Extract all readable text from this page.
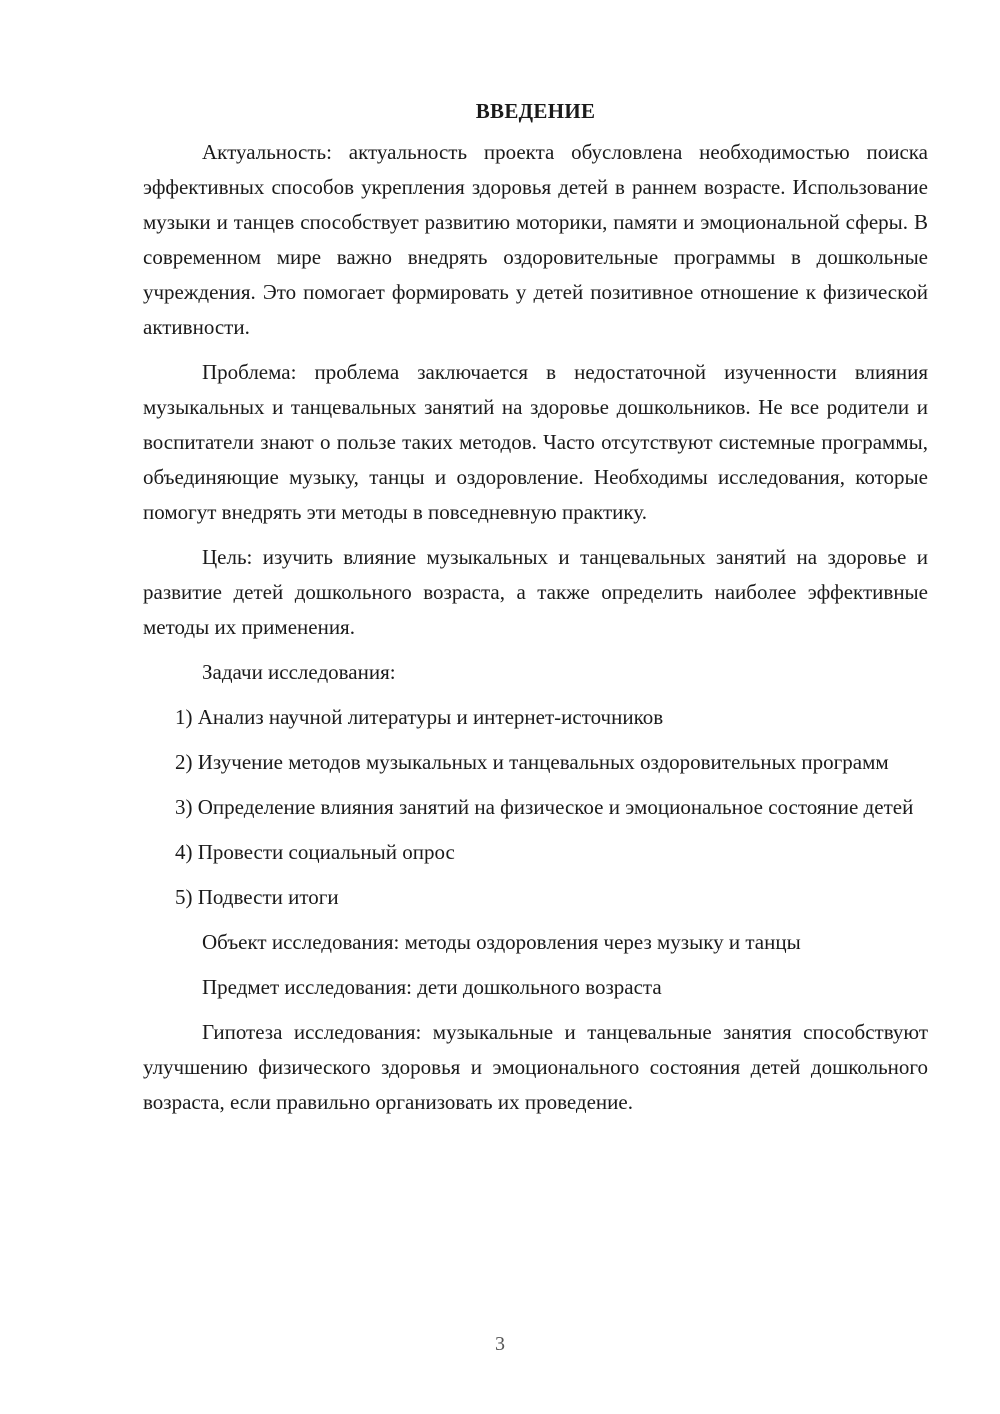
ВВЕДЕНИЕ

Актуальность: актуальность проекта обусловлена необходимостью поиска эффективных способов укрепления здоровья детей в раннем возрасте. Использование музыки и танцев способствует развитию моторики, памяти и эмоциональной сферы. В современном мире важно внедрять оздоровительные программы в дошкольные учреждения. Это помогает формировать у детей позитивное отношение к физической активности.

Проблема: проблема заключается в недостаточной изученности влияния музыкальных и танцевальных занятий на здоровье дошкольников. Не все родители и воспитатели знают о пользе таких методов. Часто отсутствуют системные программы, объединяющие музыку, танцы и оздоровление. Необходимы исследования, которые помогут внедрять эти методы в повседневную практику.

Цель: изучить влияние музыкальных и танцевальных занятий на здоровье и развитие детей дошкольного возраста, а также определить наиболее эффективные методы их применения.

Задачи исследования:

1) Анализ научной литературы и интернет-источников

2) Изучение методов музыкальных и танцевальных оздоровительных программ

3) Определение влияния занятий на физическое и эмоциональное состояние детей

4) Провести социальный опрос

5) Подвести итоги

Объект исследования: методы оздоровления через музыку и танцы

Предмет исследования: дети дошкольного возраста

Гипотеза исследования: музыкальные и танцевальные занятия способствуют улучшению физического здоровья и эмоционального состояния детей дошкольного возраста, если правильно организовать их проведение.

3
